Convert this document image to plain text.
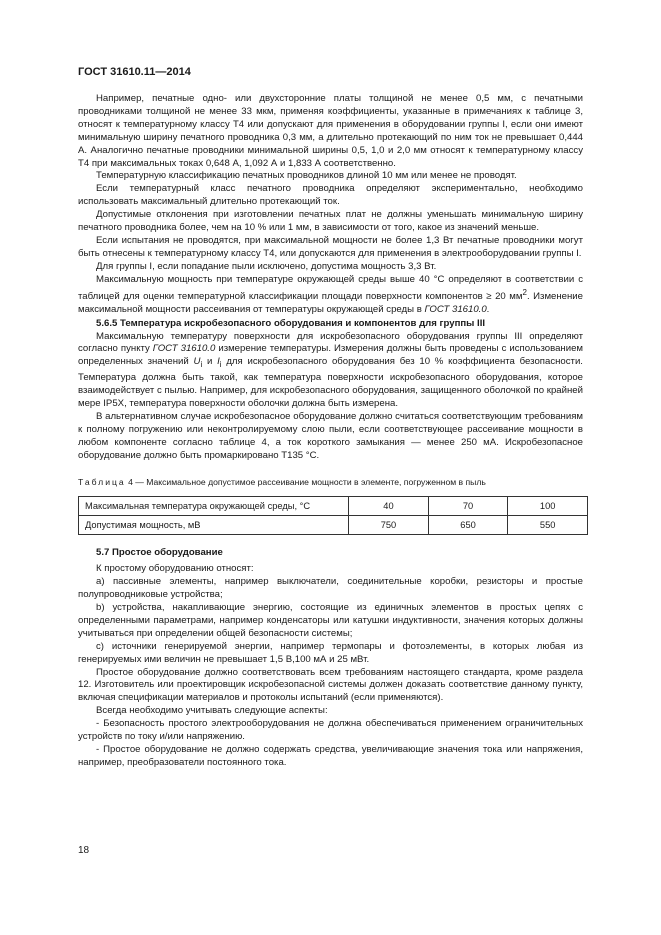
ГОСТ 31610.11—2014

Например, печатные одно- или двухсторонние платы толщиной не менее 0,5 мм, с печатными проводниками толщиной не менее 33 мкм, применяя коэффициенты, указанные в примечаниях к таблице 3, относят к температурному классу Т4 или допускают для применения в оборудовании группы I, если они имеют минимальную ширину печатного проводника 0,3 мм, а длительно протекающий по ним ток не превышает 0,444 А. Аналогично печатные проводники минимальной ширины 0,5, 1,0 и 2,0 мм относят к температурному классу Т4 при максимальных токах 0,648 А, 1,092 А и 1,833 А соответственно.

Температурную классификацию печатных проводников длиной 10 мм или менее не проводят.

Если температурный класс печатного проводника определяют экспериментально, необходимо использовать максимальный длительно протекающий ток.

Допустимые отклонения при изготовлении печатных плат не должны уменьшать минимальную ширину печатного проводника более, чем на 10 % или 1 мм, в зависимости от того, какое из значений меньше.

Если испытания не проводятся, при максимальной мощности не более 1,3 Вт печатные проводники могут быть отнесены к температурному классу Т4, или допускаются для применения в электрооборудовании группы I.

Для группы I, если попадание пыли исключено, допустима мощность 3,3 Вт.

Максимальную мощность при температуре окружающей среды выше 40 °С определяют в соответствии с таблицей для оценки температурной классификации площади поверхности компонентов ≥ 20 $мм^2$. Изменение максимальной мощности рассеивания от температуры окружающей среды в ГОСТ 31610.0.

5.6.5 Температура искробезопасного оборудования и компонентов для группы III

Максимальную температуру поверхности для искробезопасного оборудования группы III определяют согласно пункту ГОСТ 31610.0 измерение температуры. Измерения должны быть проведены с использованием определенных значений $U_i$ и $I_i$ для искробезопасного оборудования без 10 % коэффициента безопасности. Температура должна быть такой, как температура поверхности искробезопасного оборудования, которое взаимодействует с пылью. Например, для искробезопасного оборудования, защищенного оболочкой по крайней мере IP5X, температура поверхности оболочки должна быть измерена.

В альтернативном случае искробезопасное оборудование должно считаться соответствующим требованиям к полному погружению или неконтролируемому слою пыли, если соответствующее рассеивание мощности в любом компоненте согласно таблице 4, а ток короткого замыкания — менее 250 мА. Искробезопасное оборудование должно быть промаркировано Т135 °С.

Таблица 4 — Максимальное допустимое рассеивание мощности в элементе, погруженном в пыль

Максимальная температура окружающей среды, °С	40	70	100
Допустимая мощность, мВ	750	650	550

5.7 Простое оборудование

К простому оборудованию относят:

а) пассивные элементы, например выключатели, соединительные коробки, резисторы и простые полупроводниковые устройства;

b) устройства, накапливающие энергию, состоящие из единичных элементов в простых цепях с определенными параметрами, например конденсаторы или катушки индуктивности, значения которых должны учитываться при определении общей безопасности системы;

c) источники генерируемой энергии, например термопары и фотоэлементы, в которых любая из генерируемых ими величин не превышает 1,5 В,100 мА и 25 мВт.

Простое оборудование должно соответствовать всем требованиям настоящего стандарта, кроме раздела 12. Изготовитель или проектировщик искробезопасной системы должен доказать соответствие данному пункту, включая спецификации материалов и протоколы испытаний (если применяются).

Всегда необходимо учитывать следующие аспекты:

- Безопасность простого электрооборудования не должна обеспечиваться применением ограничительных устройств по току и/или напряжению.

- Простое оборудование не должно содержать средства, увеличивающие значения тока или напряжения, например, преобразователи постоянного тока.

18
